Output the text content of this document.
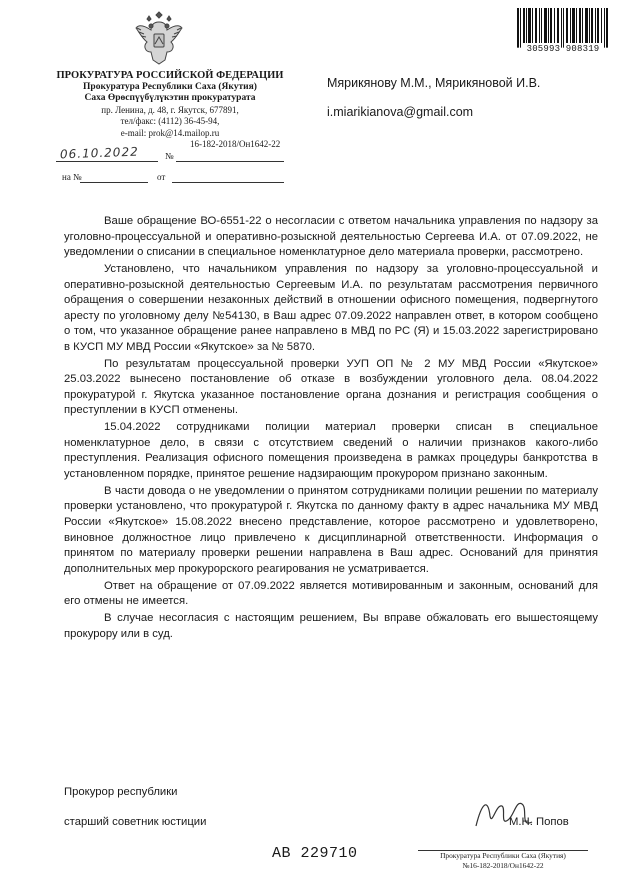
305993 908319
ПРОКУРАТУРА РОССИЙСКОЙ ФЕДЕРАЦИИ
Прокуратура Республики Саха (Якутия)
Саха Өрөспүүбүлүкэтин прокуратурата
пр. Ленина, д. 48, г. Якутск, 677891,
тел/факс: (4112) 36-45-94,
e-mail: prok@14.mailop.ru
16-182-2018/Он1642-22
06.10.2022	№
на №	от
Мярикянову М.М., Мярикяновой И.В.
i.miarikianova@gmail.com

Ваше обращение ВО-6551-22 о несогласии с ответом начальника управления по надзору за уголовно-процессуальной и оперативно-розыскной деятельностью Сергеева И.А. от 07.09.2022, не уведомлении о списании в специальное номенклатурное дело материала проверки, рассмотрено.

Установлено, что начальником управления по надзору за уголовно-процессуальной и оперативно-розыскной деятельностью Сергеевым И.А. по результатам рассмотрения первичного обращения о совершении незаконных действий в отношении офисного помещения, подвергнутого аресту по уголовному делу №54130, в Ваш адрес 07.09.2022 направлен ответ, в котором сообщено о том, что указанное обращение ранее направлено в МВД по РС (Я) и 15.03.2022 зарегистрировано в КУСП МУ МВД России «Якутское» за № 5870.

По результатам процессуальной проверки УУП ОП № 2 МУ МВД России «Якутское» 25.03.2022 вынесено постановление об отказе в возбуждении уголовного дела. 08.04.2022 прокуратурой г. Якутска указанное постановление органа дознания и регистрация сообщения о преступлении в КУСП отменены.

15.04.2022 сотрудниками полиции материал проверки списан в специальное номенклатурное дело, в связи с отсутствием сведений о наличии признаков какого-либо преступления. Реализация офисного помещения произведена в рамках процедуры банкротства в установленном порядке, принятое решение надзирающим прокурором признано законным.

В части довода о не уведомлении о принятом сотрудниками полиции решении по материалу проверки установлено, что прокуратурой г. Якутска по данному факту в адрес начальника МУ МВД России «Якутское» 15.08.2022 внесено представление, которое рассмотрено и удовлетворено, виновное должностное лицо привлечено к дисциплинарной ответственности. Информация о принятом по материалу проверки решении направлена в Ваш адрес. Оснований для принятия дополнительных мер прокурорского реагирования не усматривается.

Ответ на обращение от 07.09.2022 является мотивированным и законным, оснований для его отмены не имеется.

В случае несогласия с настоящим решением, Вы вправе обжаловать его вышестоящему прокурору или в суд.

Прокурор республики
старший советник юстиции	М.Н. Попов
АВ 229710	Прокуратура Республики Саха (Якутия)
№16-182-2018/Он1642-22
